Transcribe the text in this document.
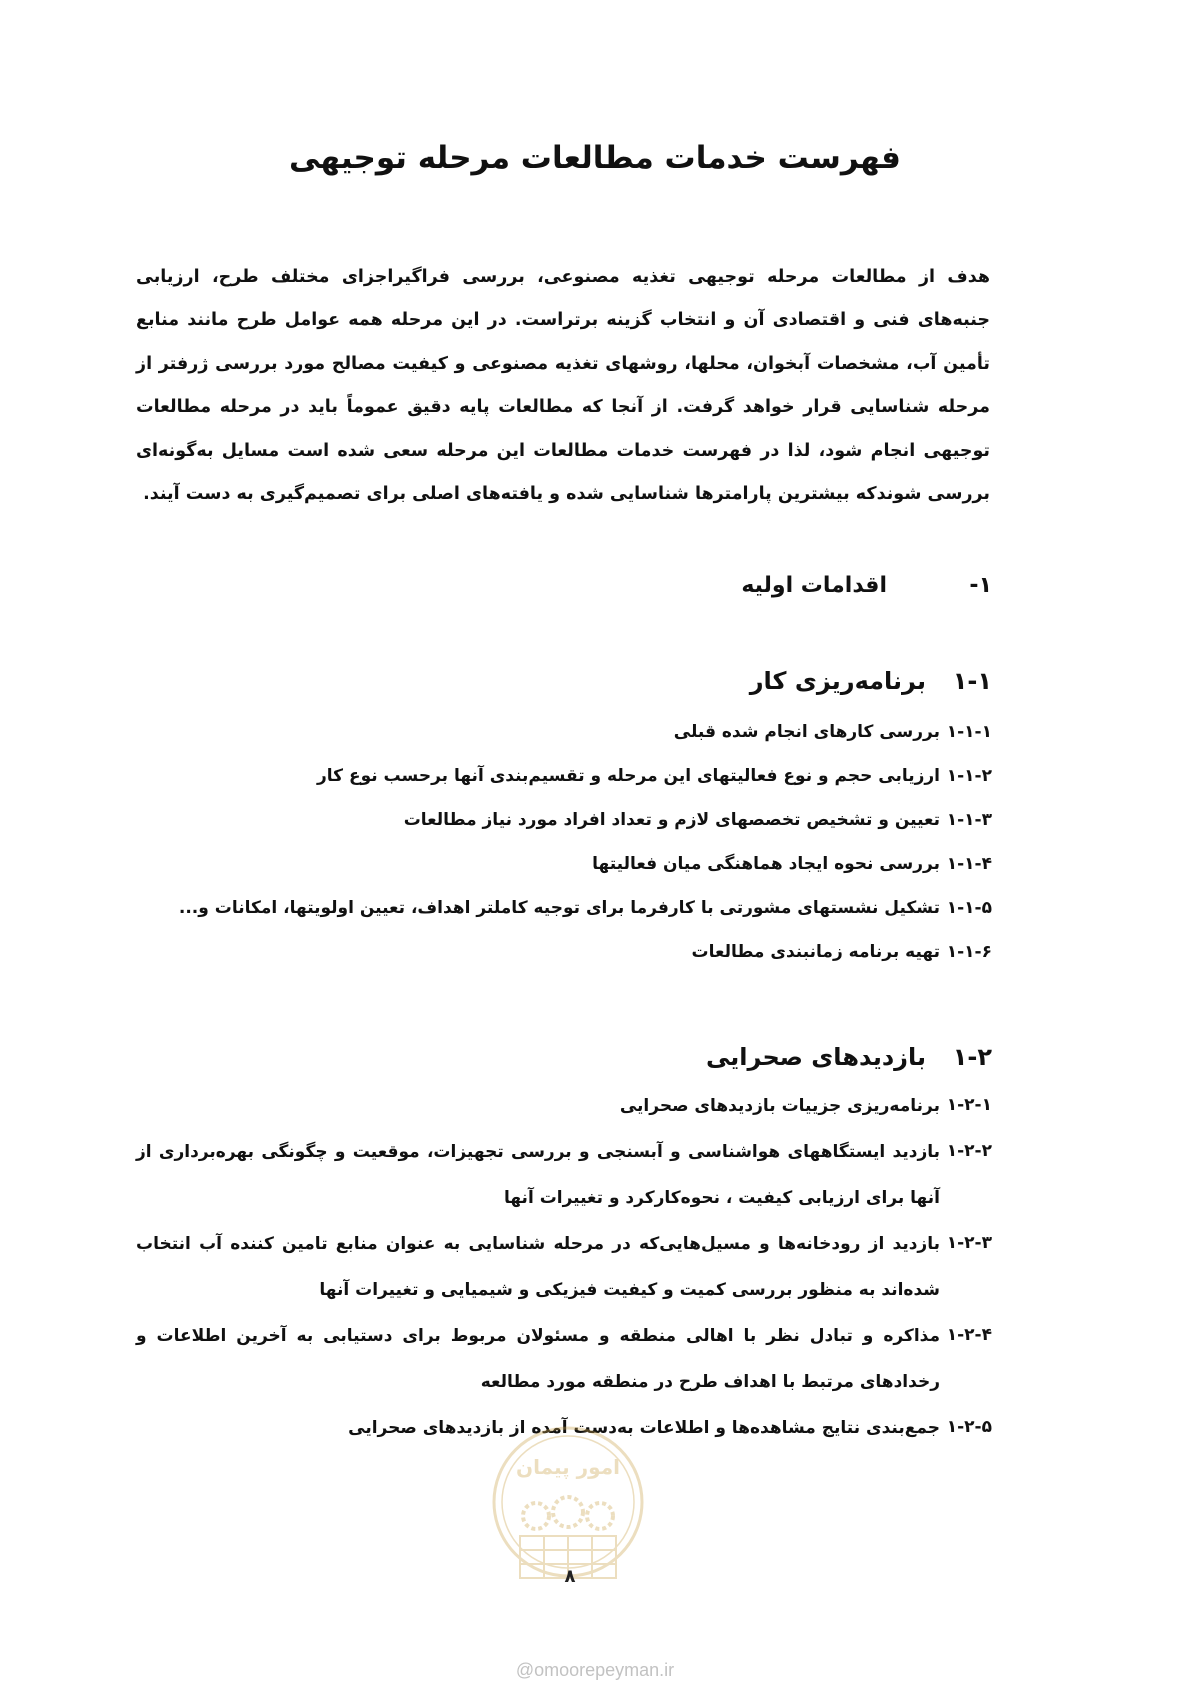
فهرست خدمات مطالعات مرحله توجیهی

هدف از مطالعات مرحله توجیهی تغذیه مصنوعی، بررسی فراگیراجزای مختلف طرح، ارزیابی جنبه‌های فنی و اقتصادی آن و انتخاب گزینه برتراست. در این مرحله همه عوامل طرح مانند منابع تأمین آب، مشخصات آبخوان، محلها، روشهای تغذیه مصنوعی و کیفیت مصالح مورد بررسی ژرفتر از مرحله شناسایی قرار خواهد گرفت. از آنجا که مطالعات پایه دقیق عموماً باید در مرحله مطالعات توجیهی انجام شود، لذا در فهرست خدمات مطالعات این مرحله سعی شده است مسایل به‌گونه‌ای بررسی شوندکه بیشترین پارامترها شناسایی شده و یافته‌های اصلی برای تصمیم‌گیری به دست آیند.

۱-اقدامات اولیه
۱-۱برنامه‌ریزی کار
۱-۱-۱
بررسی کارهای انجام شده قبلی
۱-۱-۲
ارزیابی حجم و نوع فعالیتهای این مرحله و تقسیم‌بندی آنها برحسب نوع کار
۱-۱-۳
تعیین و تشخیص تخصصهای لازم و تعداد افراد مورد نیاز مطالعات
۱-۱-۴
بررسی نحوه ایجاد هماهنگی میان فعالیتها
۱-۱-۵
تشکیل نشستهای مشورتی با کارفرما برای توجیه کاملتر اهداف، تعیین اولویتها، امکانات و...
۱-۱-۶
تهیه برنامه زمانبندی مطالعات
۱-۲بازدیدهای صحرایی
۱-۲-۱
برنامه‌ریزی جزییات بازدیدهای صحرایی
۱-۲-۲
بازدید ایستگاههای هواشناسی و آبسنجی و بررسی تجهیزات، موقعیت و چگونگی بهره‌برداری از آنها برای ارزیابی کیفیت ، نحوه‌کارکرد و تغییرات آنها
۱-۲-۳
بازدید از رودخانه‌ها و مسیل‌هایی‌که در مرحله شناسایی به عنوان منابع تامین کننده آب انتخاب شده‌اند به منظور بررسی کمیت و کیفیت فیزیکی و شیمیایی و تغییرات آنها
۱-۲-۴
مذاکره و تبادل نظر با اهالی منطقه و مسئولان مربوط برای دستیابی به آخرین اطلاعات و رخدادهای مرتبط با اهداف طرح در منطقه مورد مطالعه
۱-۲-۵
جمع‌بندی نتایج مشاهده‌ها و اطلاعات به‌دست آمده از بازدیدهای صحرایی
امور پیمان
۸
@omoorepeyman.ir
